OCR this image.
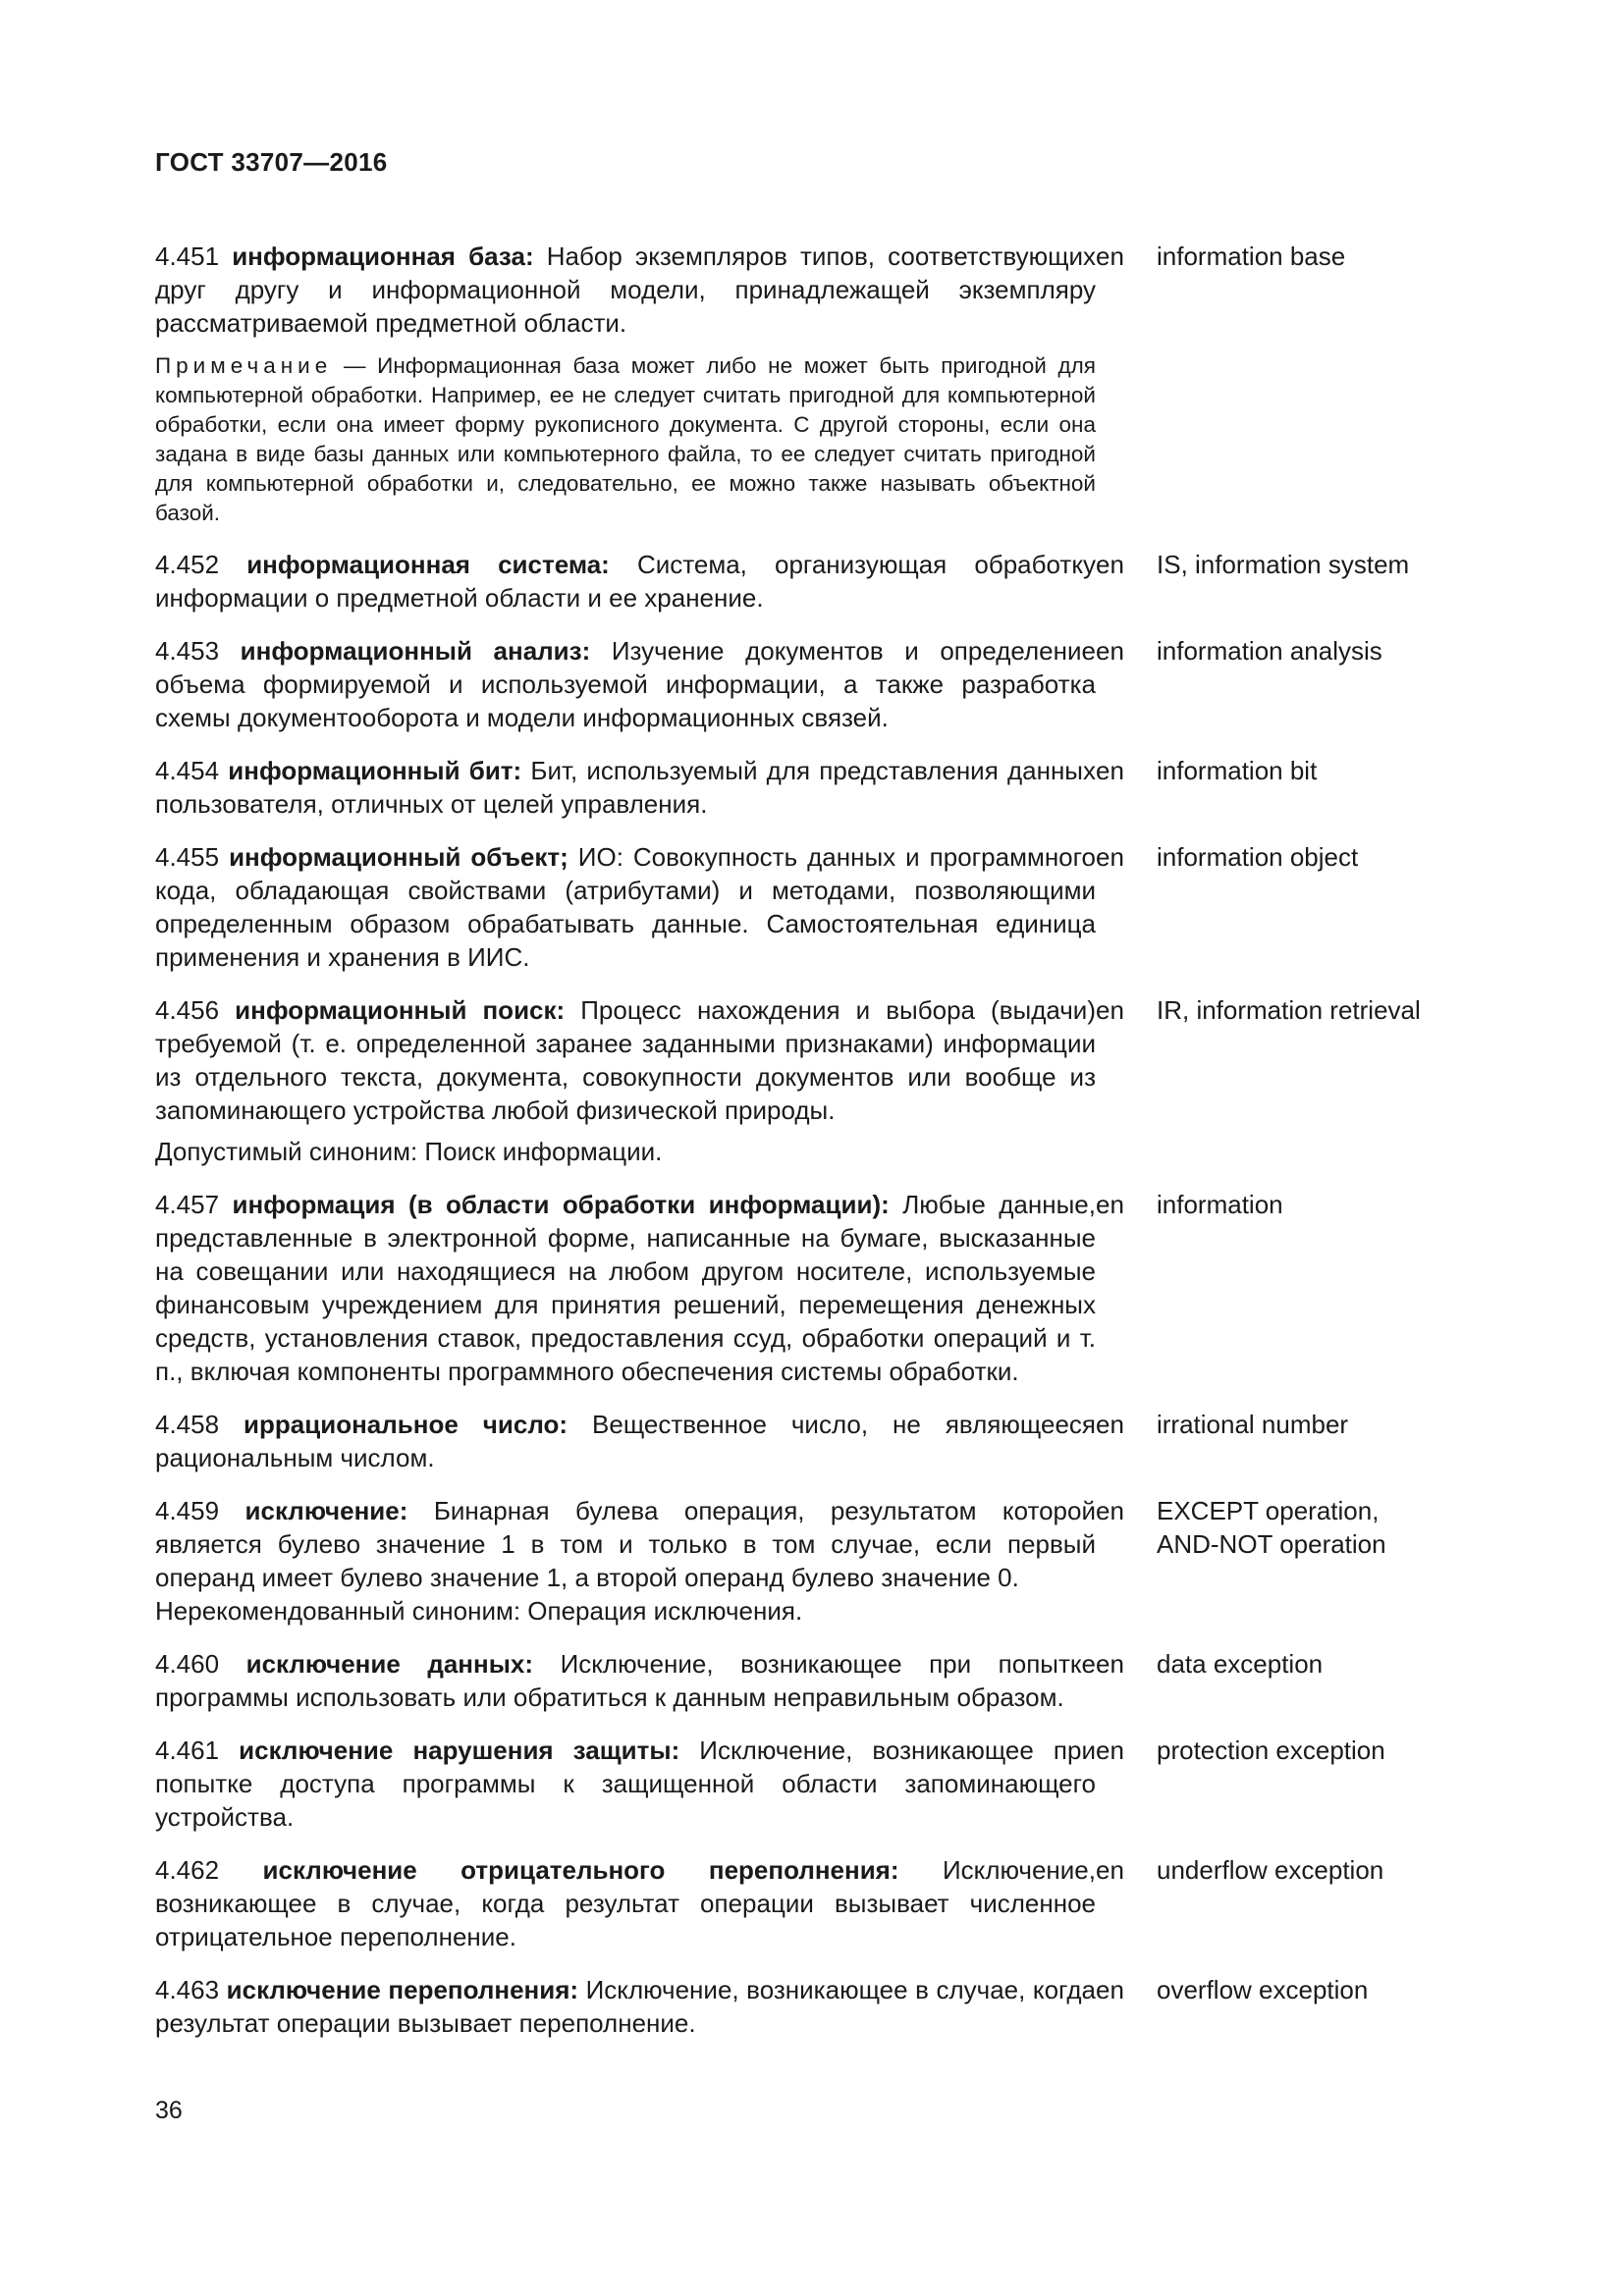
ГОСТ 33707—2016

4.451 информационная база: Набор экземпляров типов, соответствующих друг другу и информационной модели, принадлежащей экземпляру рассматриваемой предметной области.

Примечание — Информационная база может либо не может быть пригодной для компьютерной обработки. Например, ее не следует считать пригодной для компьютерной обработки, если она имеет форму рукописного документа. С другой стороны, если она задана в виде базы данных или компьютерного файла, то ее следует считать пригодной для компьютерной обработки и, следовательно, ее можно также называть объектной базой.

en	information base

4.452 информационная система: Система, организующая обработку информации о предметной области и ее хранение.

en	IS, information system

4.453 информационный анализ: Изучение документов и определение объема формируемой и используемой информации, а также разработка схемы документооборота и модели информационных связей.

en	information analysis

4.454 информационный бит: Бит, используемый для представления данных пользователя, отличных от целей управления.

en	information bit

4.455 информационный объект; ИО: Совокупность данных и программного кода, обладающая свойствами (атрибутами) и методами, позволяющими определенным образом обрабатывать данные. Самостоятельная единица применения и хранения в ИИС.

en	information object

4.456 информационный поиск: Процесс нахождения и выбора (выдачи) требуемой (т. е. определенной заранее заданными признаками) информации из отдельного текста, документа, совокупности документов или вообще из запоминающего устройства любой физической природы.

Допустимый синоним: Поиск информации.

en	IR, information retrieval

4.457 информация (в области обработки информации): Любые данные, представленные в электронной форме, написанные на бумаге, высказанные на совещании или находящиеся на любом другом носителе, используемые финансовым учреждением для принятия решений, перемещения денежных средств, установления ставок, предоставления ссуд, обработки операций и т. п., включая компоненты программного обеспечения системы обработки.

en	information

4.458 иррациональное число: Вещественное число, не являющееся рациональным числом.

en	irrational number

4.459 исключение: Бинарная булева операция, результатом которой является булево значение 1 в том и только в том случае, если первый операнд имеет булево значение 1, а второй операнд булево значение 0.

Нерекомендованный синоним: Операция исключения.

en	EXCEPT operation,
AND-NOT operation

4.460 исключение данных: Исключение, возникающее при попытке программы использовать или обратиться к данным неправильным образом.

en	data exception

4.461 исключение нарушения защиты: Исключение, возникающее при попытке доступа программы к защищенной области запоминающего устройства.

en	protection exception

4.462 исключение отрицательного переполнения: Исключение, возникающее в случае, когда результат операции вызывает численное отрицательное переполнение.

en	underflow exception

4.463 исключение переполнения: Исключение, возникающее в случае, когда результат операции вызывает переполнение.

en	overflow exception
36
